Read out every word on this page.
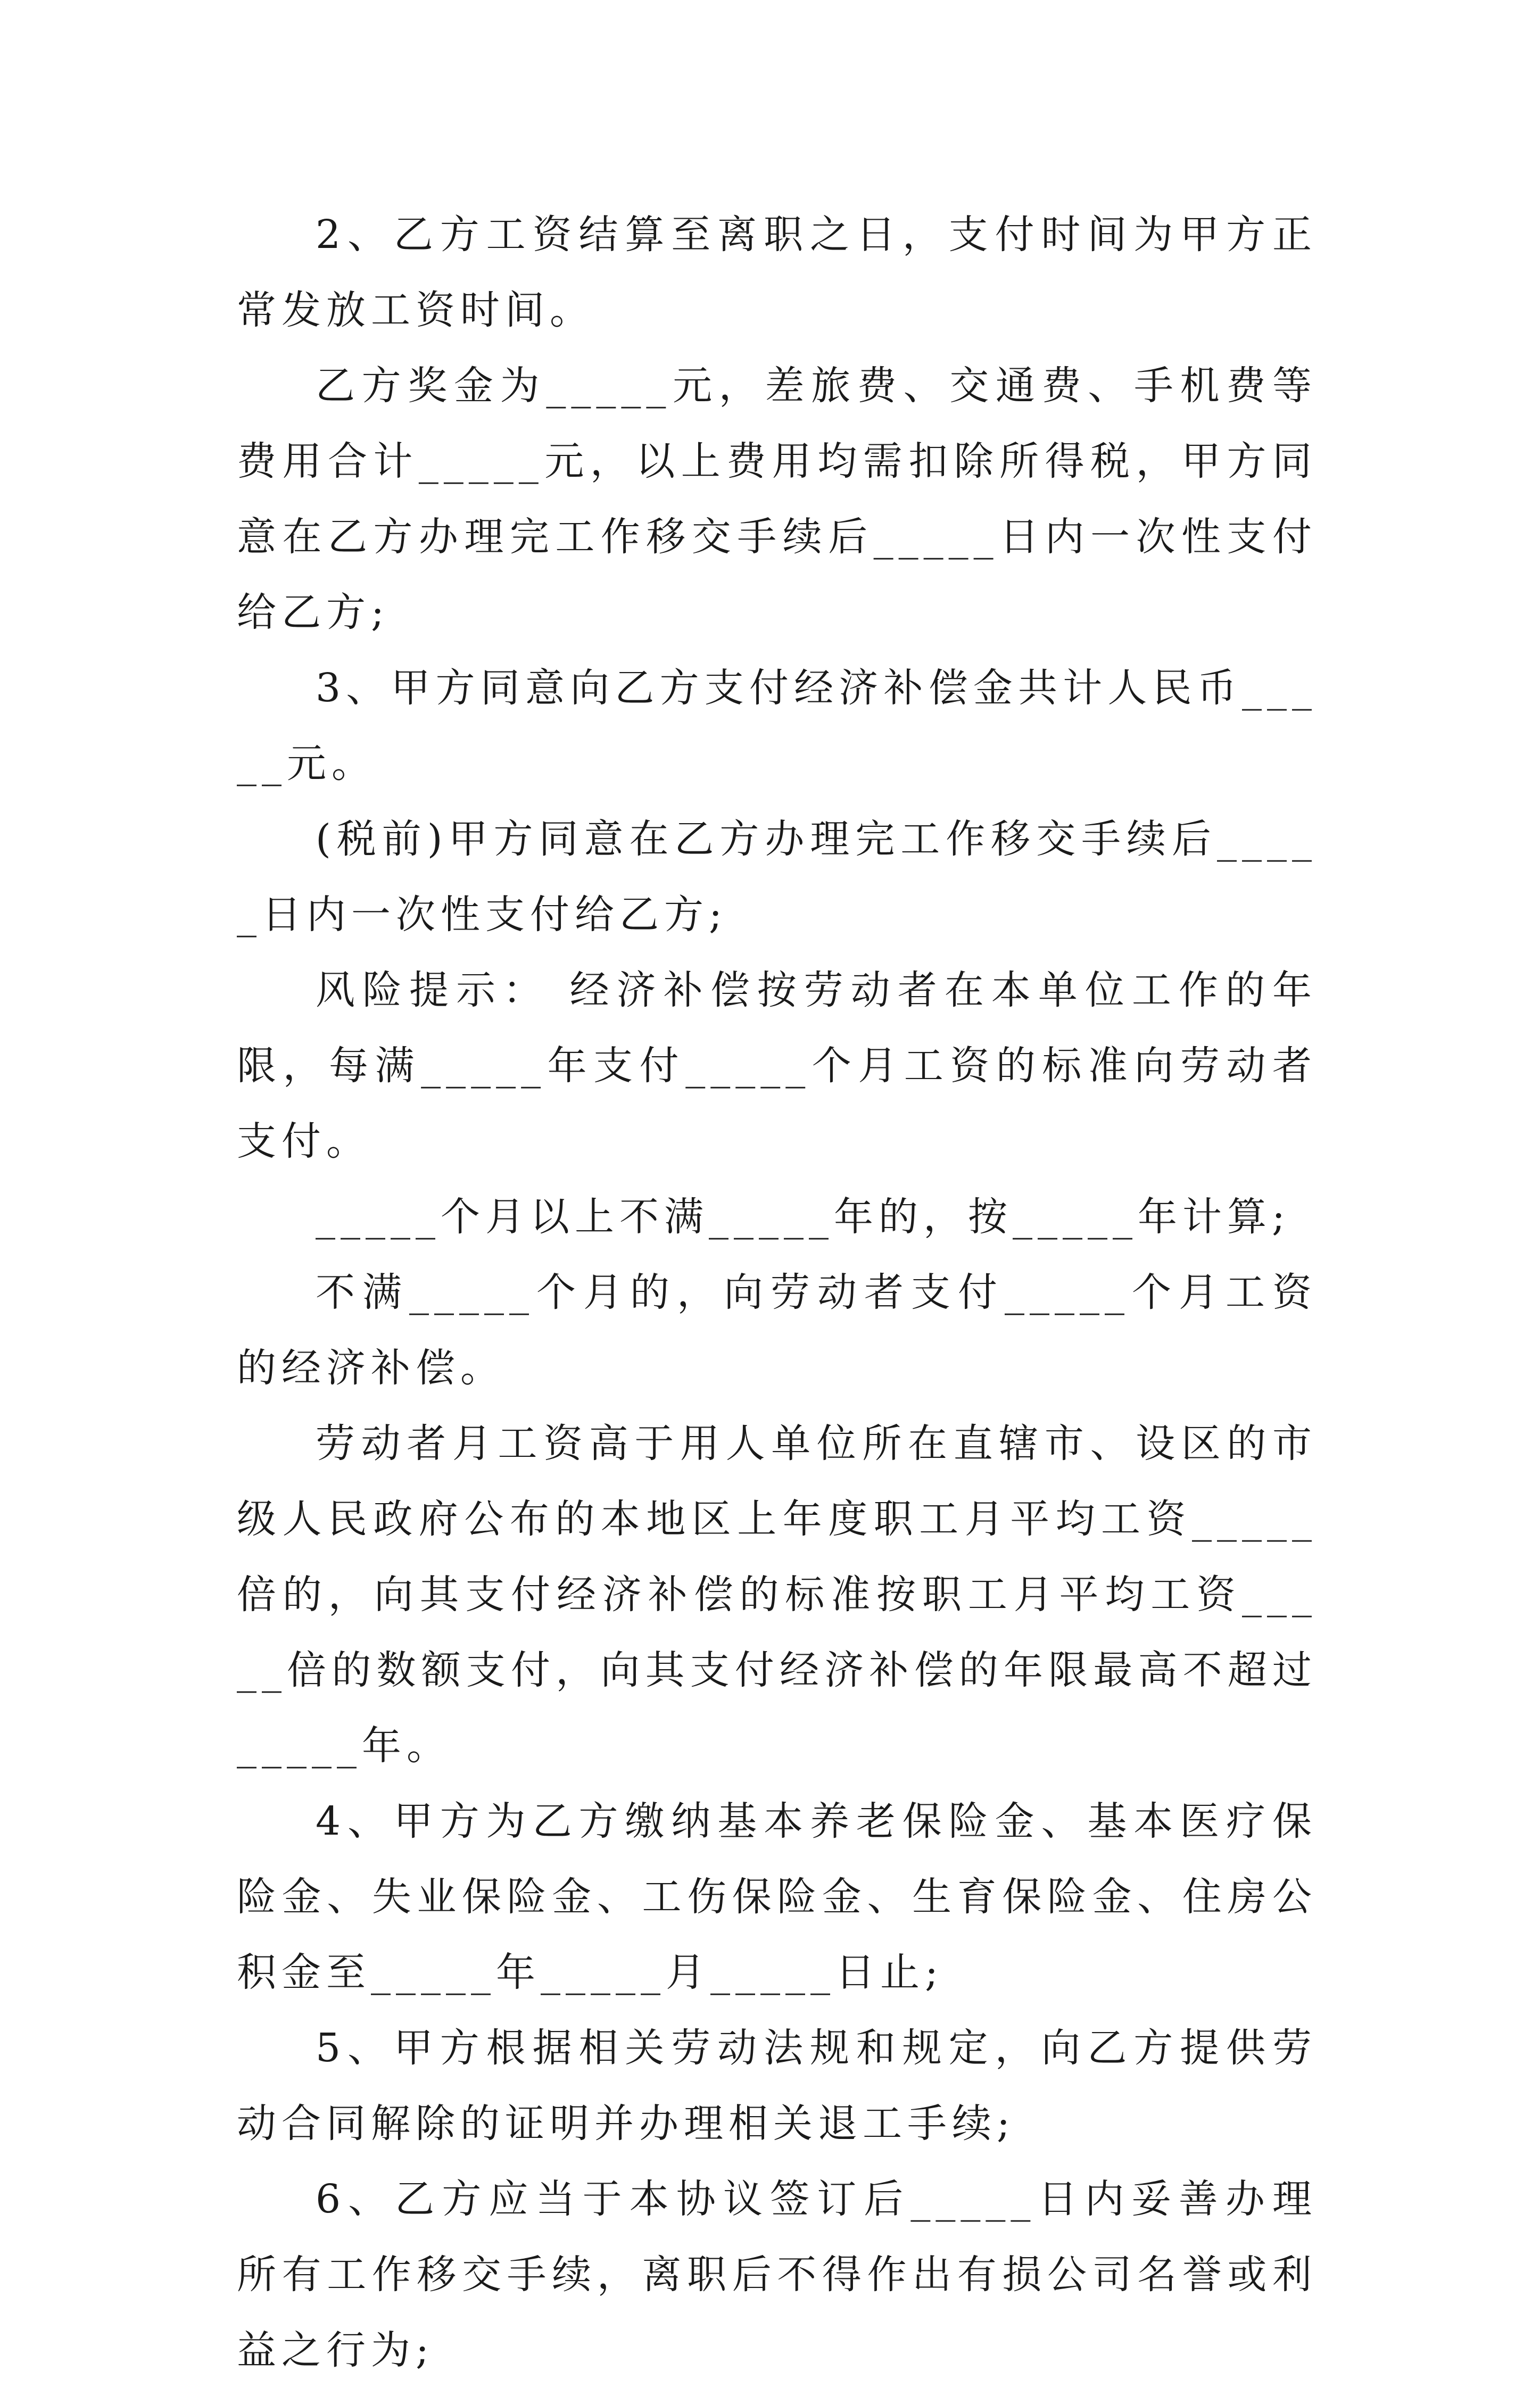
2、乙方工资结算至离职之日，支付时间为甲方正常发放工资时间。

乙方奖金为_____元，差旅费、交通费、手机费等费用合计_____元，以上费用均需扣除所得税，甲方同意在乙方办理完工作移交手续后_____日内一次性支付给乙方;

3、甲方同意向乙方支付经济补偿金共计人民币_____元。

(税前)甲方同意在乙方办理完工作移交手续后_____日内一次性支付给乙方;

风险提示： 经济补偿按劳动者在本单位工作的年限，每满_____年支付_____个月工资的标准向劳动者支付。

_____个月以上不满_____年的，按_____年计算;

不满_____个月的，向劳动者支付_____个月工资的经济补偿。

劳动者月工资高于用人单位所在直辖市、设区的市级人民政府公布的本地区上年度职工月平均工资_____倍的，向其支付经济补偿的标准按职工月平均工资_____倍的数额支付，向其支付经济补偿的年限最高不超过_____年。

4、甲方为乙方缴纳基本养老保险金、基本医疗保险金、失业保险金、工伤保险金、生育保险金、住房公积金至_____年_____月_____日止;

5、甲方根据相关劳动法规和规定，向乙方提供劳动合同解除的证明并办理相关退工手续;

6、乙方应当于本协议签订后_____日内妥善办理所有工作移交手续，离职后不得作出有损公司名誉或利益之行为;
